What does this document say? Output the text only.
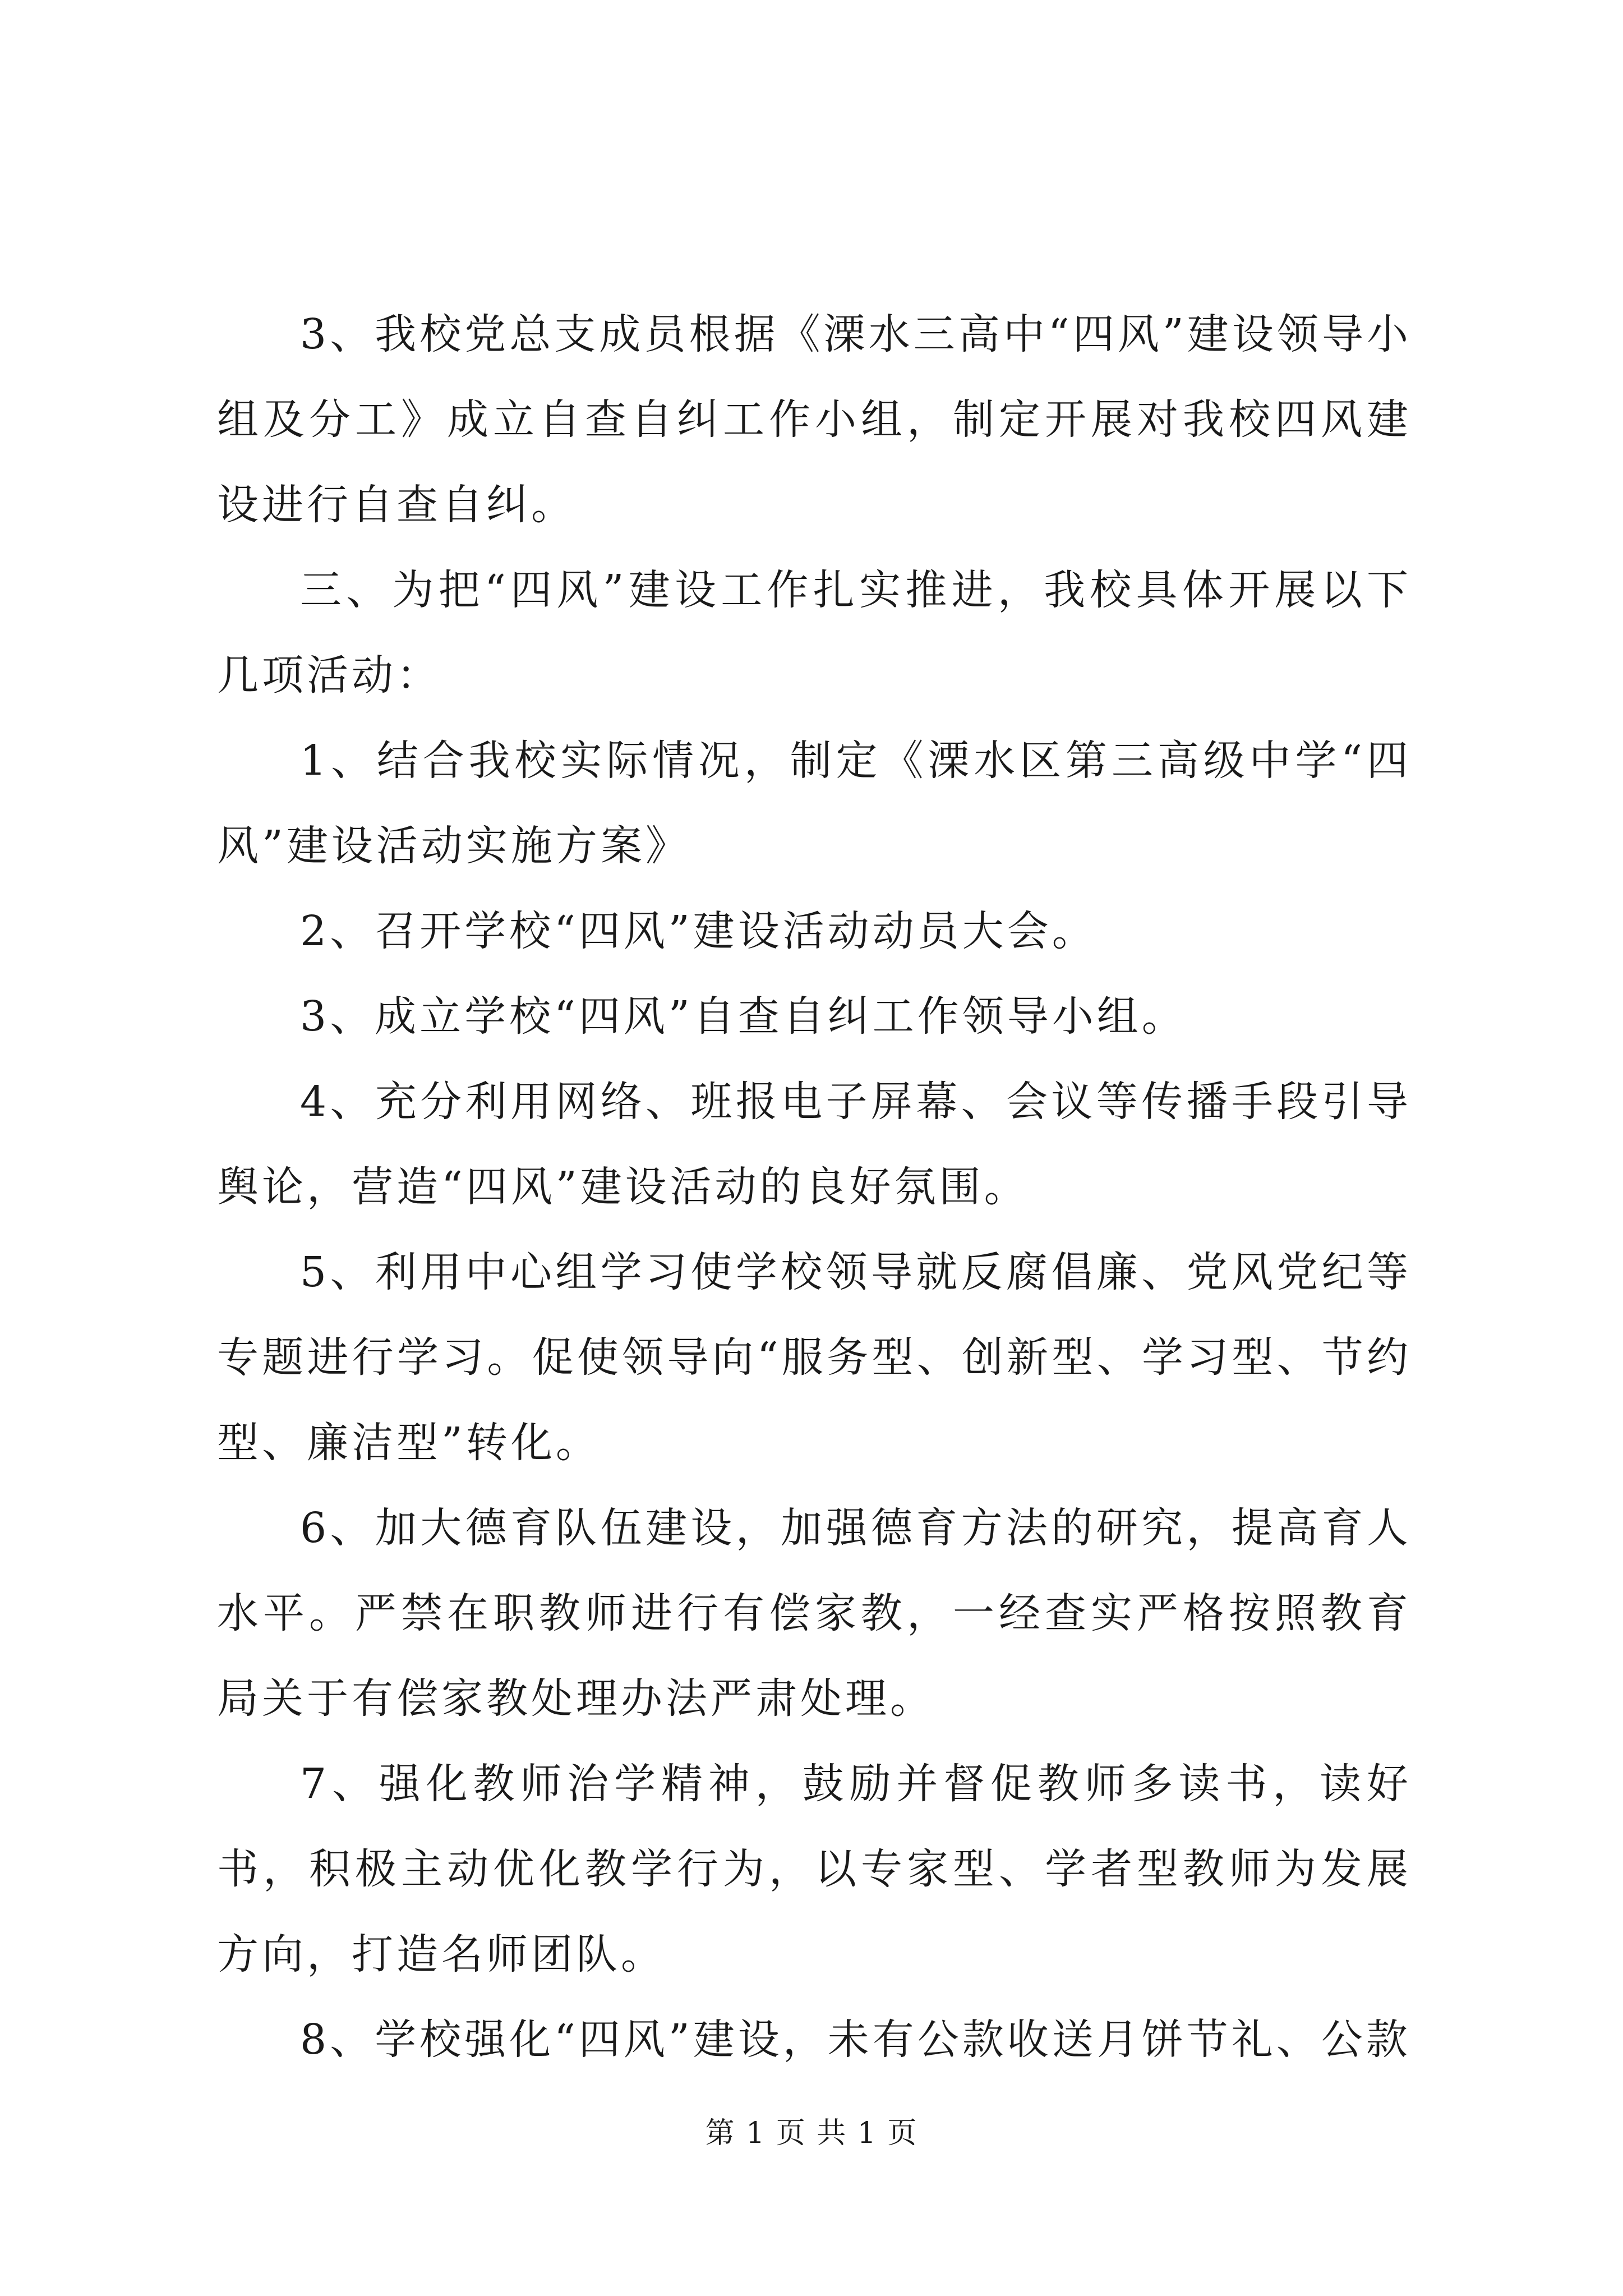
3、我校党总支成员根据《溧水三高中“四风”建设领导小组及分工》成立自查自纠工作小组，制定开展对我校四风建设进行自查自纠。

三、为把“四风”建设工作扎实推进，我校具体开展以下几项活动：

1、结合我校实际情况，制定《溧水区第三高级中学“四风”建设活动实施方案》

2、召开学校“四风”建设活动动员大会。

3、成立学校“四风”自查自纠工作领导小组。

4、充分利用网络、班报电子屏幕、会议等传播手段引导舆论，营造“四风”建设活动的良好氛围。

5、利用中心组学习使学校领导就反腐倡廉、党风党纪等专题进行学习。促使领导向“服务型、创新型、学习型、节约型、廉洁型”转化。

6、加大德育队伍建设，加强德育方法的研究，提高育人水平。严禁在职教师进行有偿家教，一经查实严格按照教育局关于有偿家教处理办法严肃处理。

7、强化教师治学精神，鼓励并督促教师多读书，读好书，积极主动优化教学行为，以专家型、学者型教师为发展方向，打造名师团队。

8、学校强化“四风”建设，未有公款收送月饼节礼、公款

第 1 页 共 1 页
